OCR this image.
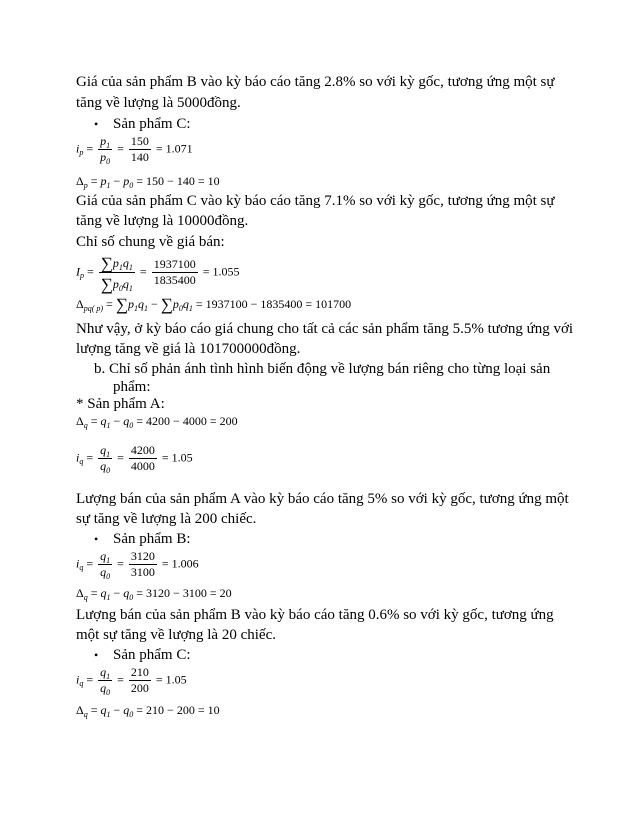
Giá của sản phẩm B vào kỳ báo cáo tăng 2.8% so với kỳ gốc, tương ứng một sự
tăng về lượng là 5000đồng.
• Sản phẩm C:
$i_p = \frac{p_1}{p_0} = \frac{150}{140} = 1.071$
$\Delta_p = p_1 - p_0 = 150 - 140 = 10$
Giá của sản phẩm C vào kỳ báo cáo tăng 7.1% so với kỳ gốc, tương ứng một sự
tăng về lượng là 10000đồng.
Chỉ số chung về giá bán:
$I_p = \frac{\sum p_1q_1}{\sum p_0q_1} = \frac{1937100}{1835400} = 1.055$
$\Delta_{pq( p)} = \sum p_1q_1 - \sum p_0q_1 = 1937100 - 1835400 = 101700$
Như vậy, ở kỳ báo cáo giá chung cho tất cả các sản phẩm tăng 5.5% tương ứng với
lượng tăng về giá là 101700000đồng.
b. Chỉ số phản ánh tình hình biến động về lượng bán riêng cho từng loại sản
phẩm:
* Sản phẩm A:
$\Delta_q = q_1 - q_0 = 4200 - 4000 = 200$
$i_q = \frac{q_1}{q_0} = \frac{4200}{4000} = 1.05$
Lượng bán của sản phẩm A vào kỳ báo cáo tăng 5% so với kỳ gốc, tương ứng một
sự tăng về lượng là 200 chiếc.
• Sản phẩm B:
$i_q = \frac{q_1}{q_0} = \frac{3120}{3100} = 1.006$
$\Delta_q = q_1 - q_0 = 3120 - 3100 = 20$
Lượng bán của sản phẩm B vào kỳ báo cáo tăng 0.6% so với kỳ gốc, tương ứng
một sự tăng về lượng là 20 chiếc.
• Sản phẩm C:
$i_q = \frac{q_1}{q_0} = \frac{210}{200} = 1.05$
$\Delta_q = q_1 - q_0 = 210 - 200 = 10$
